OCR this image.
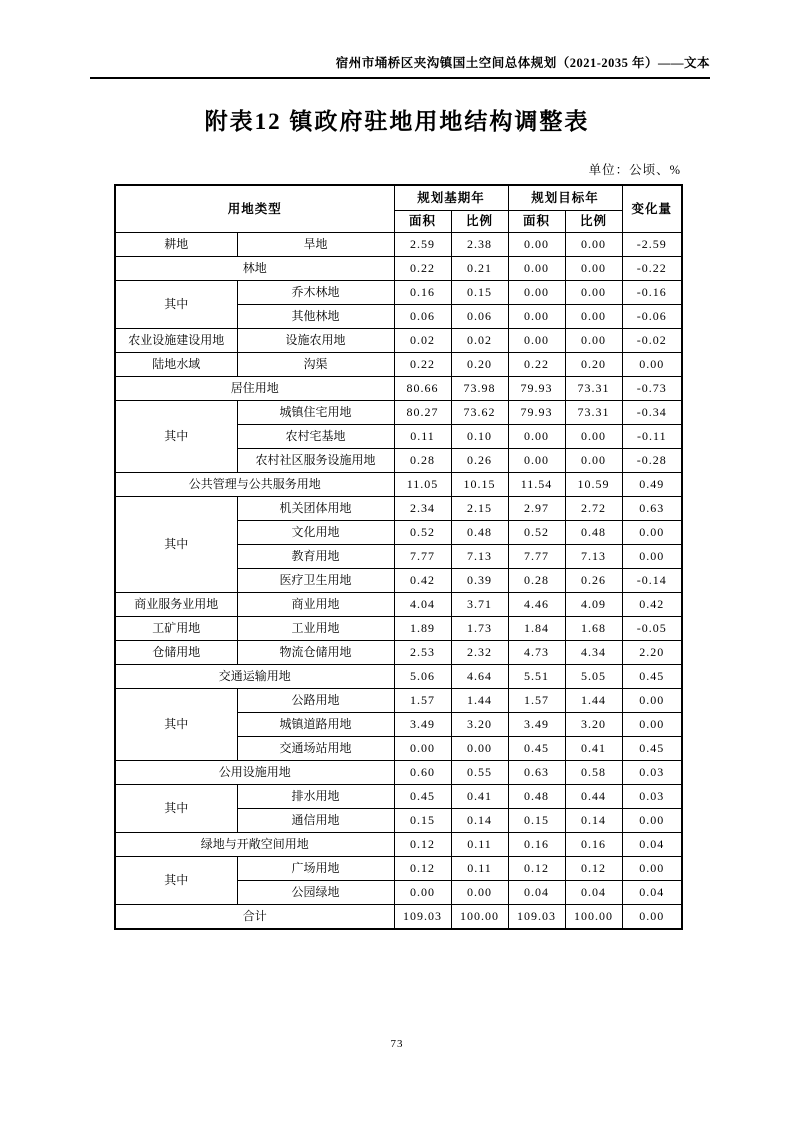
宿州市埇桥区夹沟镇国土空间总体规划（2021-2035 年）——文本
附表12 镇政府驻地用地结构调整表
单位：公顷、%
用地类型		规划基期年		规划目标年		变化量
		面积	比例	面积	比例	
耕地	旱地	2.59	2.38	0.00	0.00	-2.59
林地		0.22	0.21	0.00	0.00	-0.22
其中	乔木林地	0.16	0.15	0.00	0.00	-0.16
	其他林地	0.06	0.06	0.00	0.00	-0.06
农业设施建设用地	设施农用地	0.02	0.02	0.00	0.00	-0.02
陆地水域	沟渠	0.22	0.20	0.22	0.20	0.00
居住用地		80.66	73.98	79.93	73.31	-0.73
其中	城镇住宅用地	80.27	73.62	79.93	73.31	-0.34
	农村宅基地	0.11	0.10	0.00	0.00	-0.11
	农村社区服务设施用地	0.28	0.26	0.00	0.00	-0.28
公共管理与公共服务用地		11.05	10.15	11.54	10.59	0.49
其中	机关团体用地	2.34	2.15	2.97	2.72	0.63
	文化用地	0.52	0.48	0.52	0.48	0.00
	教育用地	7.77	7.13	7.77	7.13	0.00
	医疗卫生用地	0.42	0.39	0.28	0.26	-0.14
商业服务业用地	商业用地	4.04	3.71	4.46	4.09	0.42
工矿用地	工业用地	1.89	1.73	1.84	1.68	-0.05
仓储用地	物流仓储用地	2.53	2.32	4.73	4.34	2.20
交通运输用地		5.06	4.64	5.51	5.05	0.45
其中	公路用地	1.57	1.44	1.57	1.44	0.00
	城镇道路用地	3.49	3.20	3.49	3.20	0.00
	交通场站用地	0.00	0.00	0.45	0.41	0.45
公用设施用地		0.60	0.55	0.63	0.58	0.03
其中	排水用地	0.45	0.41	0.48	0.44	0.03
	通信用地	0.15	0.14	0.15	0.14	0.00
绿地与开敞空间用地		0.12	0.11	0.16	0.16	0.04
其中	广场用地	0.12	0.11	0.12	0.12	0.00
	公园绿地	0.00	0.00	0.04	0.04	0.04
合计		109.03	100.00	109.03	100.00	0.00
73
